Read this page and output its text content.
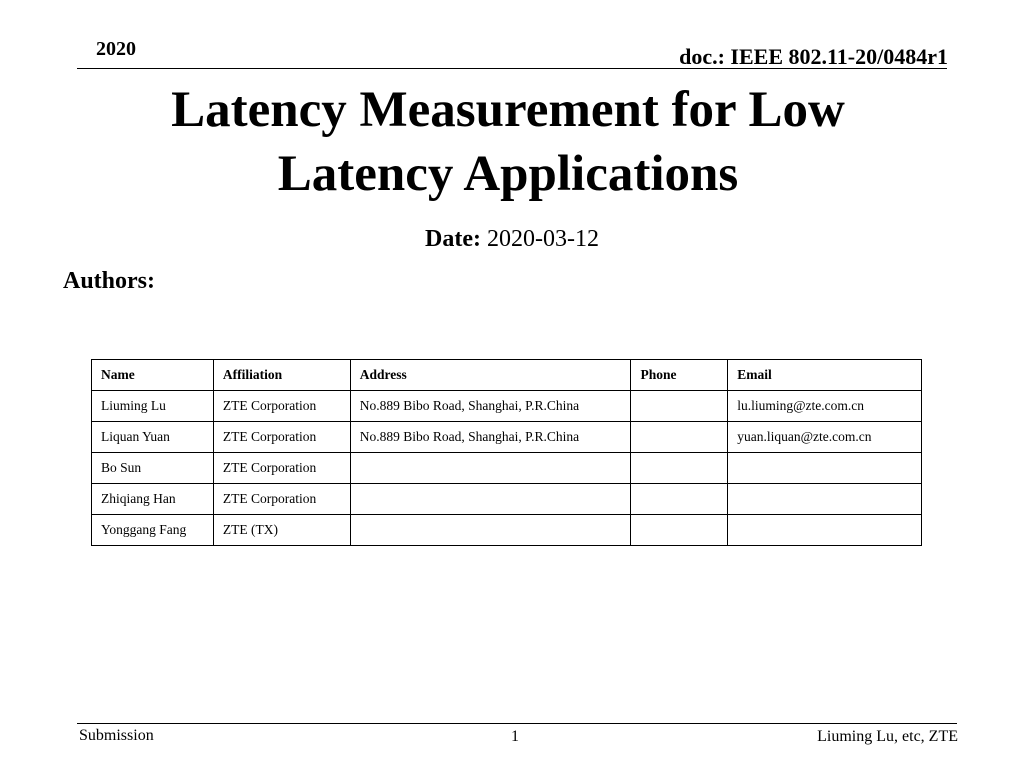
2020	doc.: IEEE 802.11-20/0484r1
Latency Measurement for Low Latency Applications
Date: 2020-03-12
Authors:
Name	Affiliation	Address	Phone	Email
Liuming Lu	ZTE Corporation	No.889 Bibo Road, Shanghai, P.R.China		lu.liuming@zte.com.cn
Liquan Yuan	ZTE Corporation	No.889 Bibo Road, Shanghai, P.R.China		yuan.liquan@zte.com.cn
Bo Sun	ZTE Corporation			
Zhiqiang Han	ZTE Corporation			
Yonggang Fang	ZTE (TX)			
Submission	1	Liuming Lu, etc, ZTE
